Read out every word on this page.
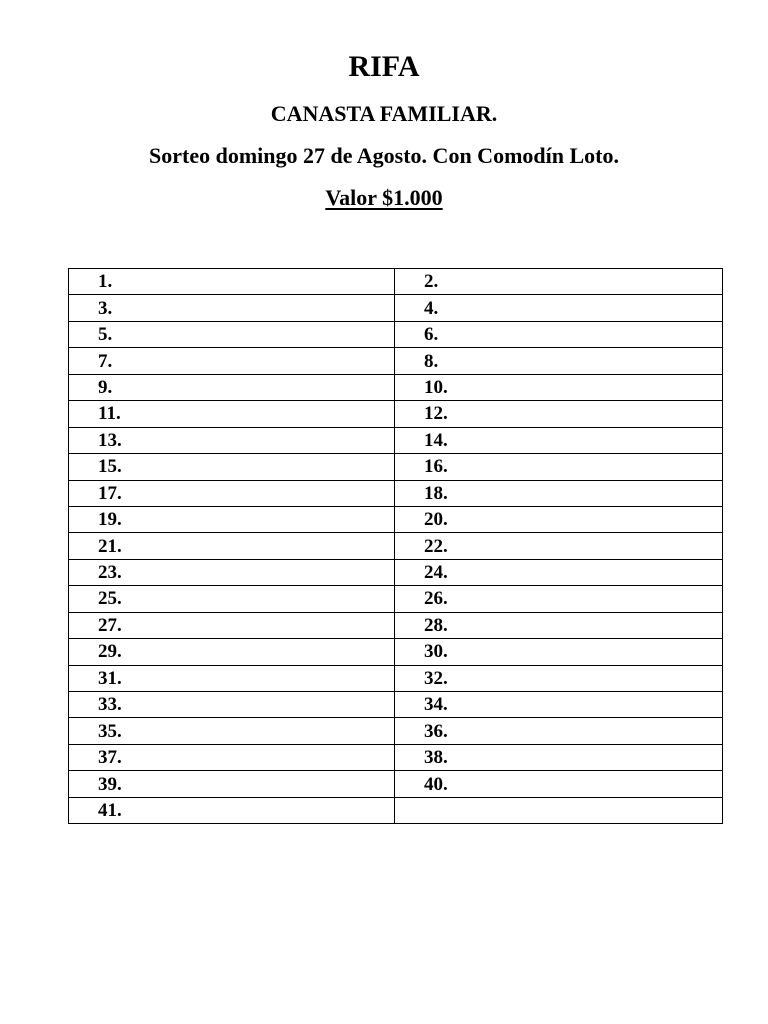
RIFA
CANASTA FAMILIAR.
Sorteo domingo 27 de Agosto. Con Comodín Loto.
Valor $1.000
1.	2.
3.	4.
5.	6.
7.	8.
9.	10.
11.	12.
13.	14.
15.	16.
17.	18.
19.	20.
21.	22.
23.	24.
25.	26.
27.	28.
29.	30.
31.	32.
33.	34.
35.	36.
37.	38.
39.	40.
41.	
